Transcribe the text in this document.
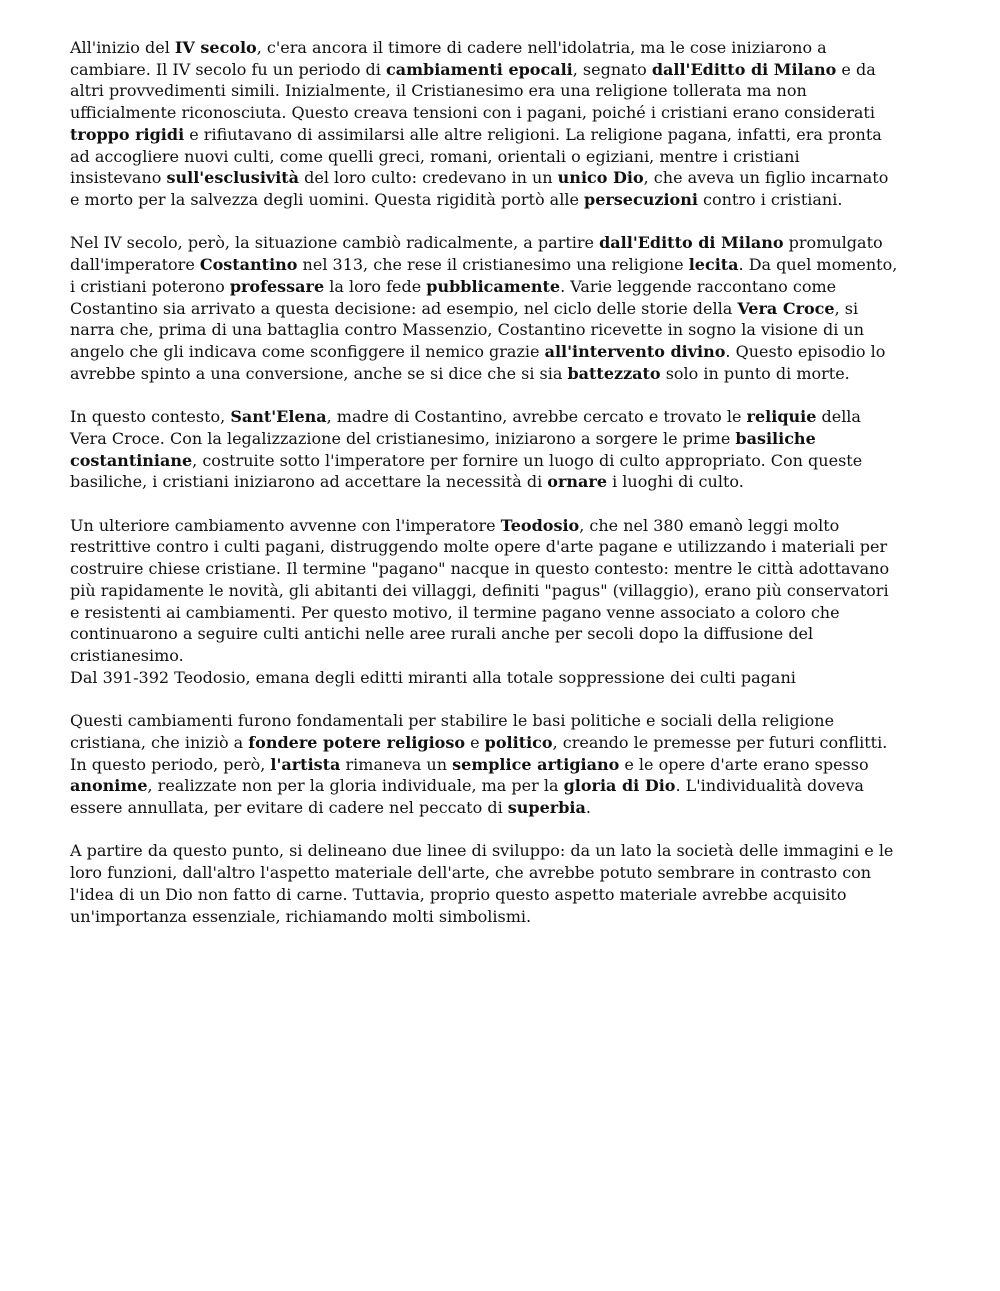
All'inizio del IV secolo, c'era ancora il timore di cadere nell'idolatria, ma le cose iniziarono a
cambiare. Il IV secolo fu un periodo di cambiamenti epocali, segnato dall'Editto di Milano e da
altri provvedimenti simili. Inizialmente, il Cristianesimo era una religione tollerata ma non
ufficialmente riconosciuta. Questo creava tensioni con i pagani, poiché i cristiani erano considerati
troppo rigidi e rifiutavano di assimilarsi alle altre religioni. La religione pagana, infatti, era pronta
ad accogliere nuovi culti, come quelli greci, romani, orientali o egiziani, mentre i cristiani
insistevano sull'esclusività del loro culto: credevano in un unico Dio, che aveva un figlio incarnato
e morto per la salvezza degli uomini. Questa rigidità portò alle persecuzioni contro i cristiani.
Nel IV secolo, però, la situazione cambiò radicalmente, a partire dall'Editto di Milano promulgato
dall'imperatore Costantino nel 313, che rese il cristianesimo una religione lecita. Da quel momento,
i cristiani poterono professare la loro fede pubblicamente. Varie leggende raccontano come
Costantino sia arrivato a questa decisione: ad esempio, nel ciclo delle storie della Vera Croce, si
narra che, prima di una battaglia contro Massenzio, Costantino ricevette in sogno la visione di un
angelo che gli indicava come sconfiggere il nemico grazie all'intervento divino. Questo episodio lo
avrebbe spinto a una conversione, anche se si dice che si sia battezzato solo in punto di morte.
In questo contesto, Sant'Elena, madre di Costantino, avrebbe cercato e trovato le reliquie della
Vera Croce. Con la legalizzazione del cristianesimo, iniziarono a sorgere le prime basiliche
costantiniane, costruite sotto l'imperatore per fornire un luogo di culto appropriato. Con queste
basiliche, i cristiani iniziarono ad accettare la necessità di ornare i luoghi di culto.
Un ulteriore cambiamento avvenne con l'imperatore Teodosio, che nel 380 emanò leggi molto
restrittive contro i culti pagani, distruggendo molte opere d'arte pagane e utilizzando i materiali per
costruire chiese cristiane. Il termine "pagano" nacque in questo contesto: mentre le città adottavano
più rapidamente le novità, gli abitanti dei villaggi, definiti "pagus" (villaggio), erano più conservatori
e resistenti ai cambiamenti. Per questo motivo, il termine pagano venne associato a coloro che
continuarono a seguire culti antichi nelle aree rurali anche per secoli dopo la diffusione del
cristianesimo.
Dal 391-392 Teodosio, emana degli editti miranti alla totale soppressione dei culti pagani
Questi cambiamenti furono fondamentali per stabilire le basi politiche e sociali della religione
cristiana, che iniziò a fondere potere religioso e politico, creando le premesse per futuri conflitti.
In questo periodo, però, l'artista rimaneva un semplice artigiano e le opere d'arte erano spesso
anonime, realizzate non per la gloria individuale, ma per la gloria di Dio. L'individualità doveva
essere annullata, per evitare di cadere nel peccato di superbia.
A partire da questo punto, si delineano due linee di sviluppo: da un lato la società delle immagini e le
loro funzioni, dall'altro l'aspetto materiale dell'arte, che avrebbe potuto sembrare in contrasto con
l'idea di un Dio non fatto di carne. Tuttavia, proprio questo aspetto materiale avrebbe acquisito
un'importanza essenziale, richiamando molti simbolismi.
